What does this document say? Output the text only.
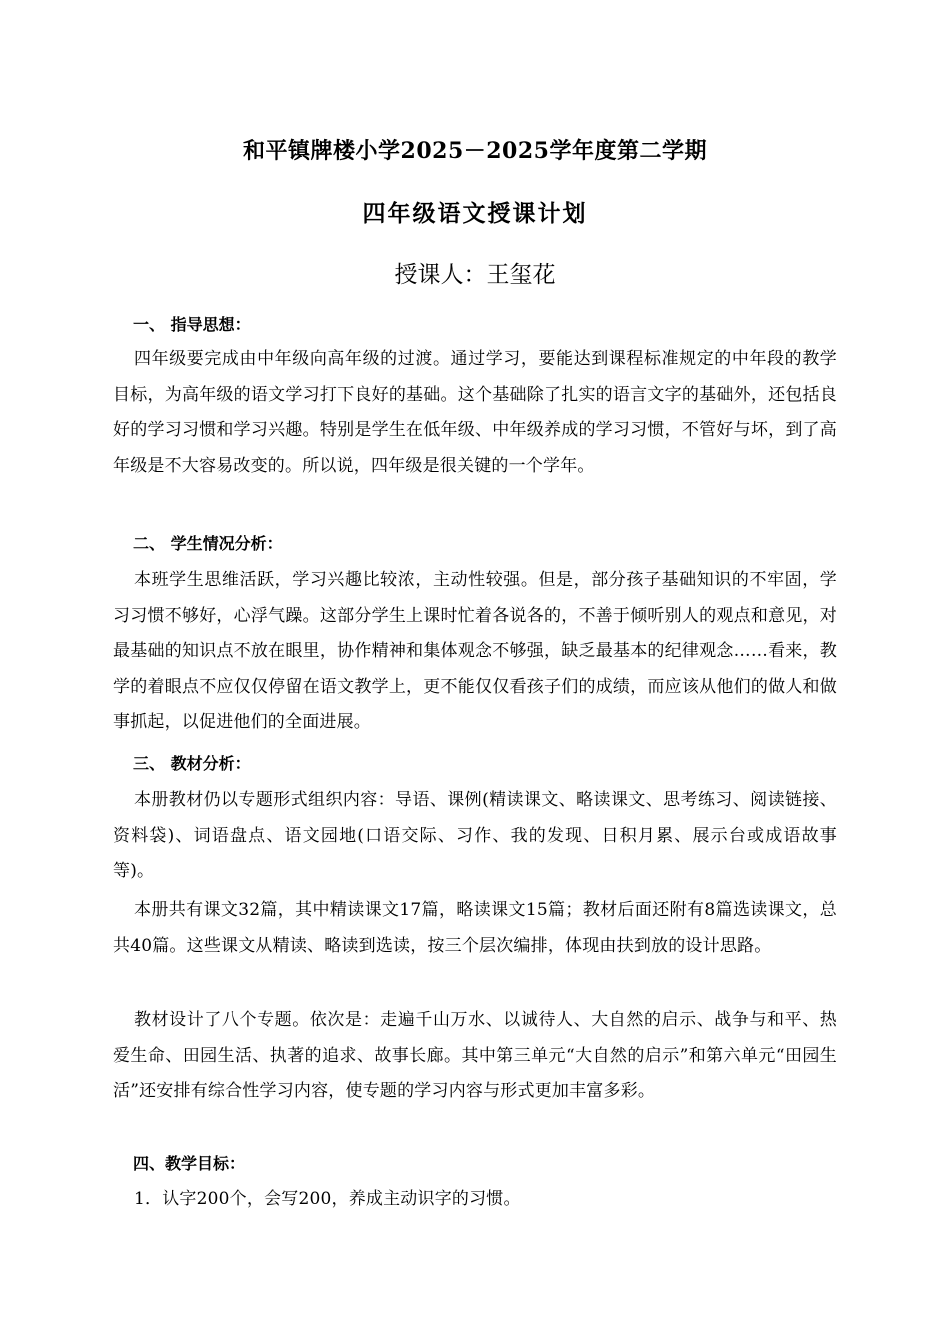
和平镇牌楼小学2025－2025学年度第二学期
四年级语文授课计划
授课人：王玺花
一、 指导思想：
四年级要完成由中年级向高年级的过渡。通过学习，要能达到课程标准规定的中年段的教学目标，为高年级的语文学习打下良好的基础。这个基础除了扎实的语言文字的基础外，还包括良好的学习习惯和学习兴趣。特别是学生在低年级、中年级养成的学习习惯，不管好与坏，到了高年级是不大容易改变的。所以说，四年级是很关键的一个学年。
二、 学生情况分析：
本班学生思维活跃，学习兴趣比较浓，主动性较强。但是，部分孩子基础知识的不牢固，学习习惯不够好，心浮气躁。这部分学生上课时忙着各说各的，不善于倾听别人的观点和意见，对最基础的知识点不放在眼里，协作精神和集体观念不够强，缺乏最基本的纪律观念……看来，教学的着眼点不应仅仅停留在语文教学上，更不能仅仅看孩子们的成绩，而应该从他们的做人和做事抓起，以促进他们的全面进展。
三、 教材分析：
本册教材仍以专题形式组织内容：导语、课例(精读课文、略读课文、思考练习、阅读链接、资料袋)、词语盘点、语文园地(口语交际、习作、我的发现、日积月累、展示台或成语故事等)。
本册共有课文32篇，其中精读课文17篇，略读课文15篇；教材后面还附有8篇选读课文，总共40篇。这些课文从精读、略读到选读，按三个层次编排，体现由扶到放的设计思路。
教材设计了八个专题。依次是：走遍千山万水、以诚待人、大自然的启示、战争与和平、热爱生命、田园生活、执著的追求、故事长廊。其中第三单元“大自然的启示”和第六单元“田园生活”还安排有综合性学习内容，使专题的学习内容与形式更加丰富多彩。
四、教学目标：
1．认字200个，会写200，养成主动识字的习惯。
